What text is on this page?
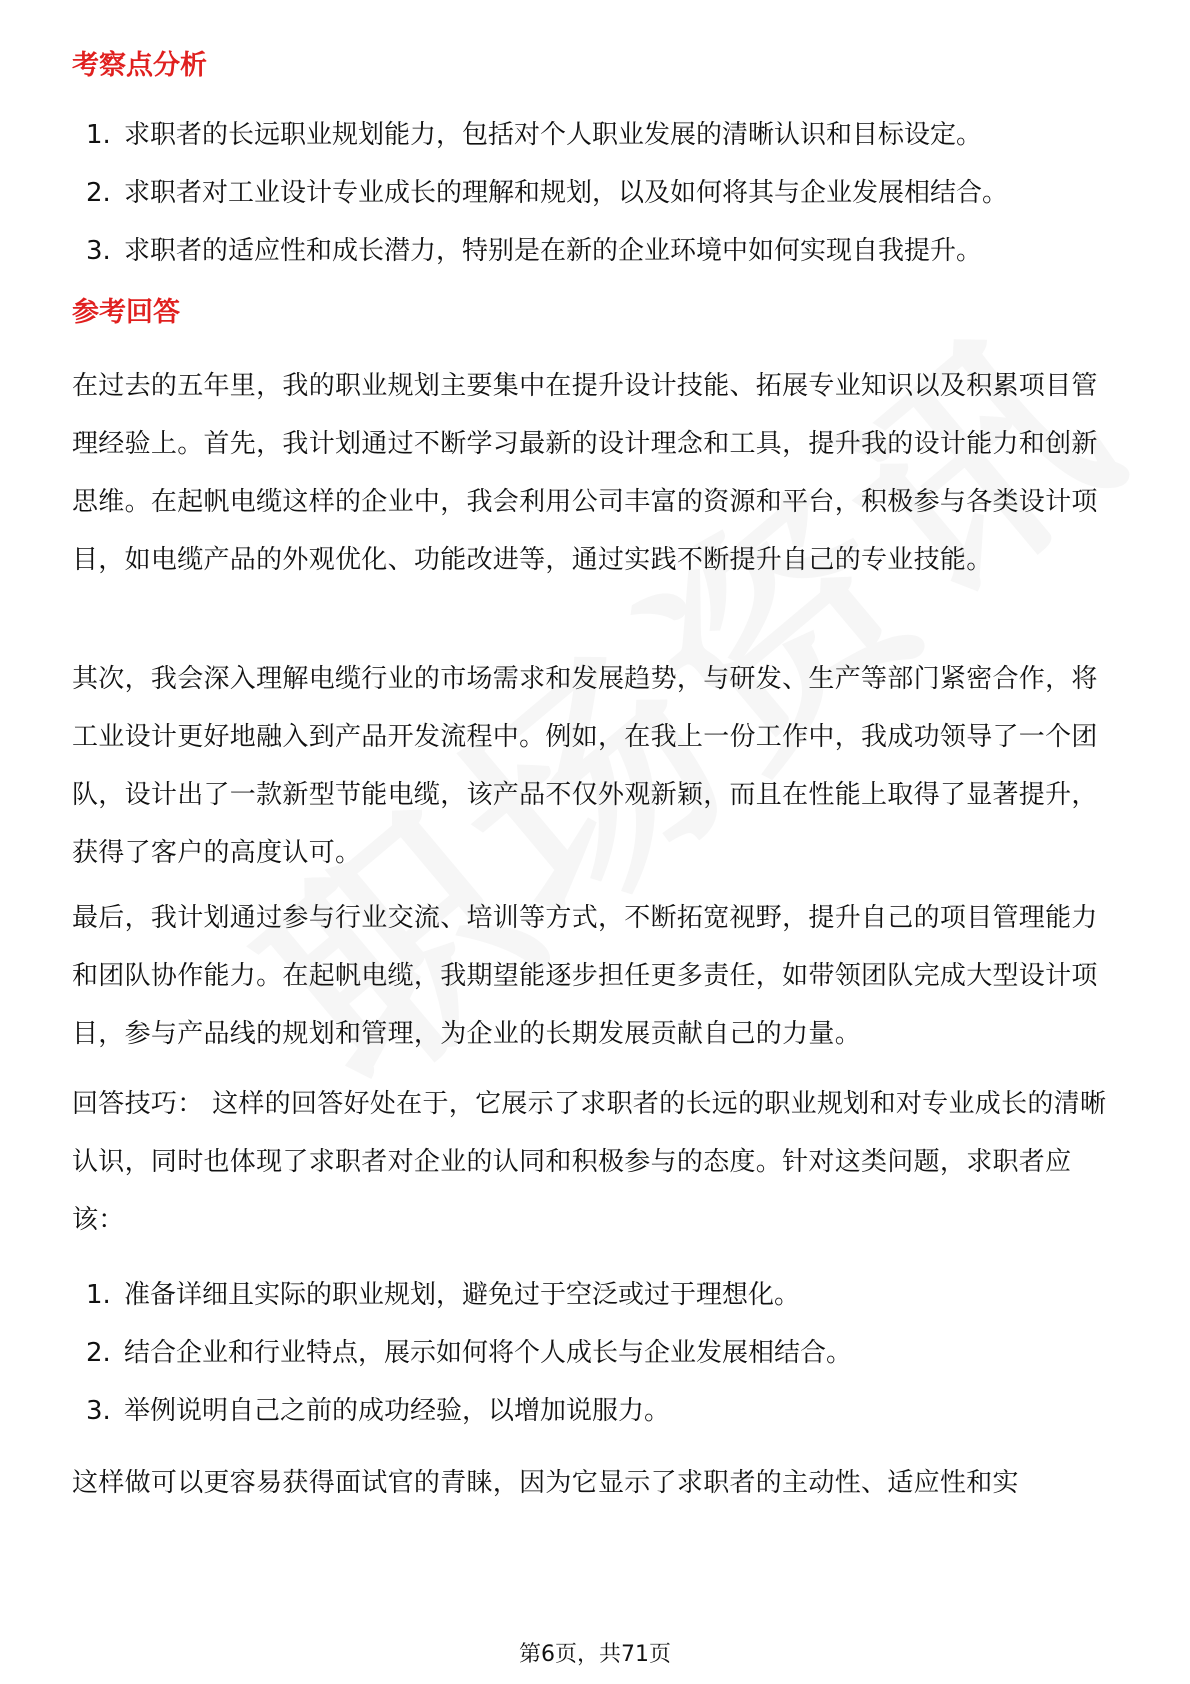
考察点分析
1. 求职者的长远职业规划能力，包括对个人职业发展的清晰认识和目标设定。
2. 求职者对工业设计专业成长的理解和规划，以及如何将其与企业发展相结合。
3. 求职者的适应性和成长潜力，特别是在新的企业环境中如何实现自我提升。
参考回答

在过去的五年里，我的职业规划主要集中在提升设计技能、拓展专业知识以及积累项目管理经验上。首先，我计划通过不断学习最新的设计理念和工具，提升我的设计能力和创新思维。在起帆电缆这样的企业中，我会利用公司丰富的资源和平台，积极参与各类设计项目，如电缆产品的外观优化、功能改进等，通过实践不断提升自己的专业技能。

其次，我会深入理解电缆行业的市场需求和发展趋势，与研发、生产等部门紧密合作，将工业设计更好地融入到产品开发流程中。例如，在我上一份工作中，我成功领导了一个团队，设计出了一款新型节能电缆，该产品不仅外观新颖，而且在性能上取得了显著提升，获得了客户的高度认可。

最后，我计划通过参与行业交流、培训等方式，不断拓宽视野，提升自己的项目管理能力和团队协作能力。在起帆电缆，我期望能逐步担任更多责任，如带领团队完成大型设计项目，参与产品线的规划和管理，为企业的长期发展贡献自己的力量。

回答技巧： 这样的回答好处在于，它展示了求职者的长远的职业规划和对专业成长的清晰认识，同时也体现了求职者对企业的认同和积极参与的态度。针对这类问题，求职者应该：

1. 准备详细且实际的职业规划，避免过于空泛或过于理想化。
2. 结合企业和行业特点，展示如何将个人成长与企业发展相结合。
3. 举例说明自己之前的成功经验，以增加说服力。

这样做可以更容易获得面试官的青睐，因为它显示了求职者的主动性、适应性和实

第6页，共71页
